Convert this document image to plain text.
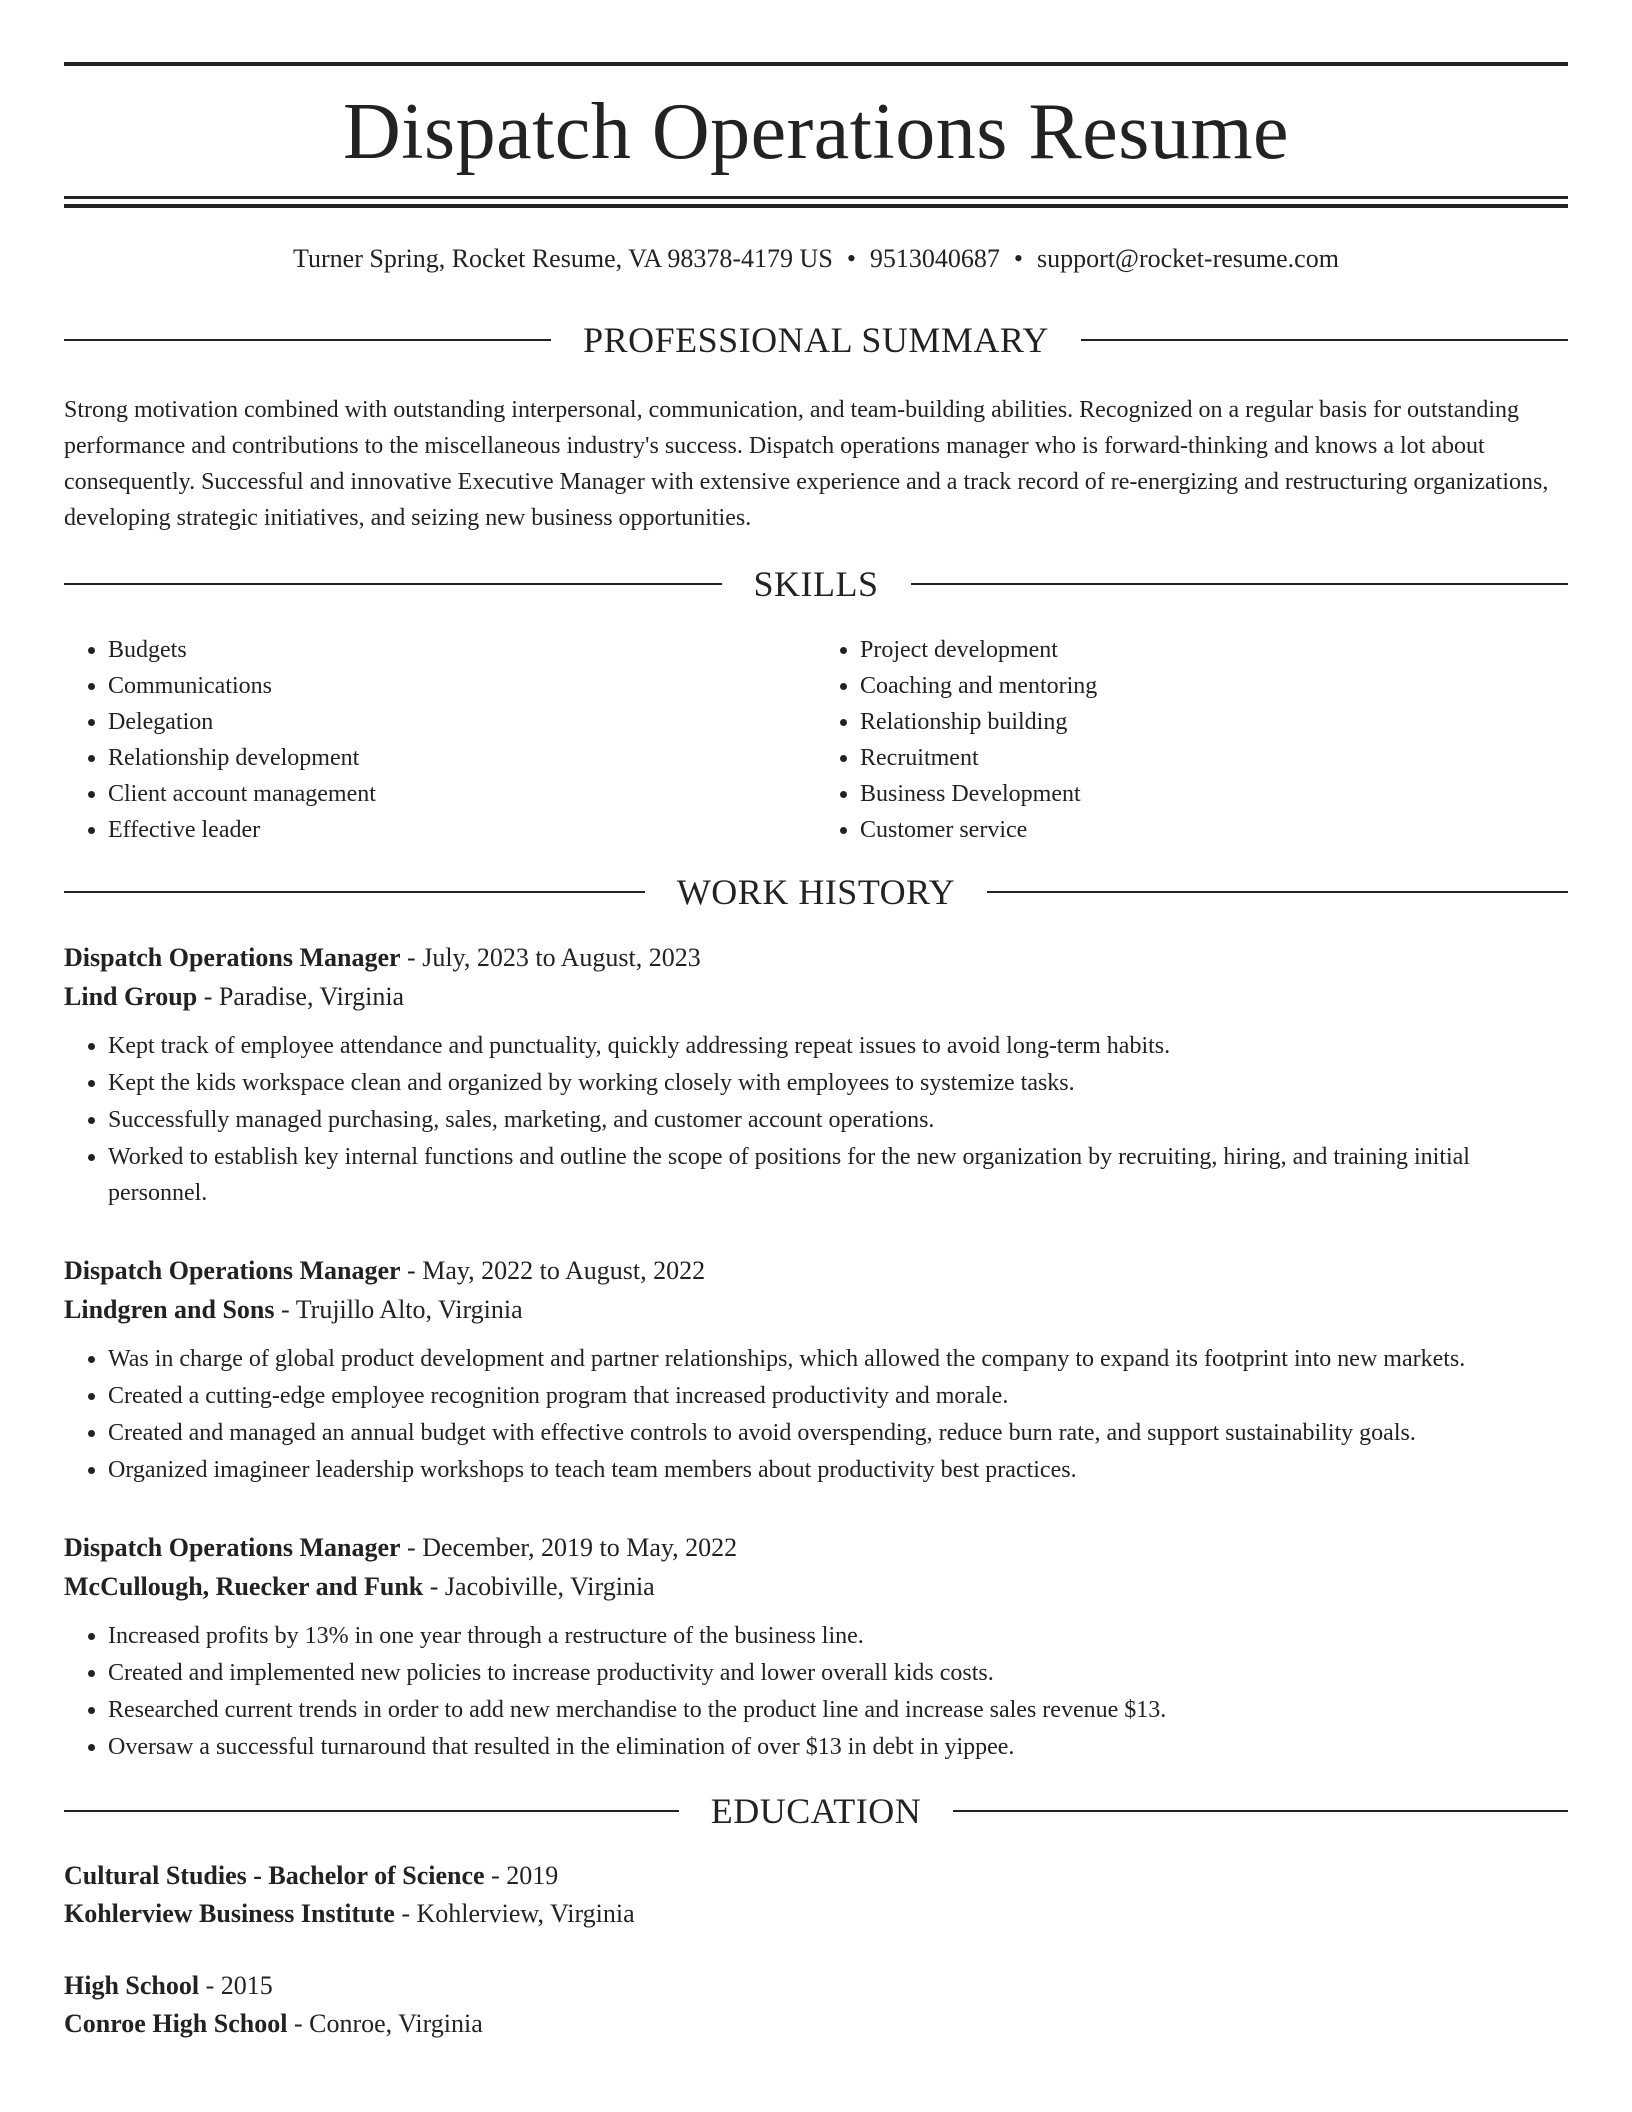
Dispatch Operations Resume
Turner Spring, Rocket Resume, VA 98378-4179 US • 9513040687 • support@rocket-resume.com
PROFESSIONAL SUMMARY

Strong motivation combined with outstanding interpersonal, communication, and team-building abilities. Recognized on a regular basis for outstanding performance and contributions to the miscellaneous industry's success. Dispatch operations manager who is forward-thinking and knows a lot about consequently. Successful and innovative Executive Manager with extensive experience and a track record of re-energizing and restructuring organizations, developing strategic initiatives, and seizing new business opportunities.

SKILLS
• Budgets
• Communications
• Delegation
• Relationship development
• Client account management
• Effective leader
• Project development
• Coaching and mentoring
• Relationship building
• Recruitment
• Business Development
• Customer service
WORK HISTORY
Dispatch Operations Manager - July, 2023 to August, 2023
Lind Group - Paradise, Virginia
• Kept track of employee attendance and punctuality, quickly addressing repeat issues to avoid long-term habits.
• Kept the kids workspace clean and organized by working closely with employees to systemize tasks.
• Successfully managed purchasing, sales, marketing, and customer account operations.
• Worked to establish key internal functions and outline the scope of positions for the new organization by recruiting, hiring, and training initial personnel.
Dispatch Operations Manager - May, 2022 to August, 2022
Lindgren and Sons - Trujillo Alto, Virginia
• Was in charge of global product development and partner relationships, which allowed the company to expand its footprint into new markets.
• Created a cutting-edge employee recognition program that increased productivity and morale.
• Created and managed an annual budget with effective controls to avoid overspending, reduce burn rate, and support sustainability goals.
• Organized imagineer leadership workshops to teach team members about productivity best practices.
Dispatch Operations Manager - December, 2019 to May, 2022
McCullough, Ruecker and Funk - Jacobiville, Virginia
• Increased profits by 13% in one year through a restructure of the business line.
• Created and implemented new policies to increase productivity and lower overall kids costs.
• Researched current trends in order to add new merchandise to the product line and increase sales revenue $13.
• Oversaw a successful turnaround that resulted in the elimination of over $13 in debt in yippee.
EDUCATION
Cultural Studies - Bachelor of Science - 2019
Kohlerview Business Institute - Kohlerview, Virginia
High School - 2015
Conroe High School - Conroe, Virginia
